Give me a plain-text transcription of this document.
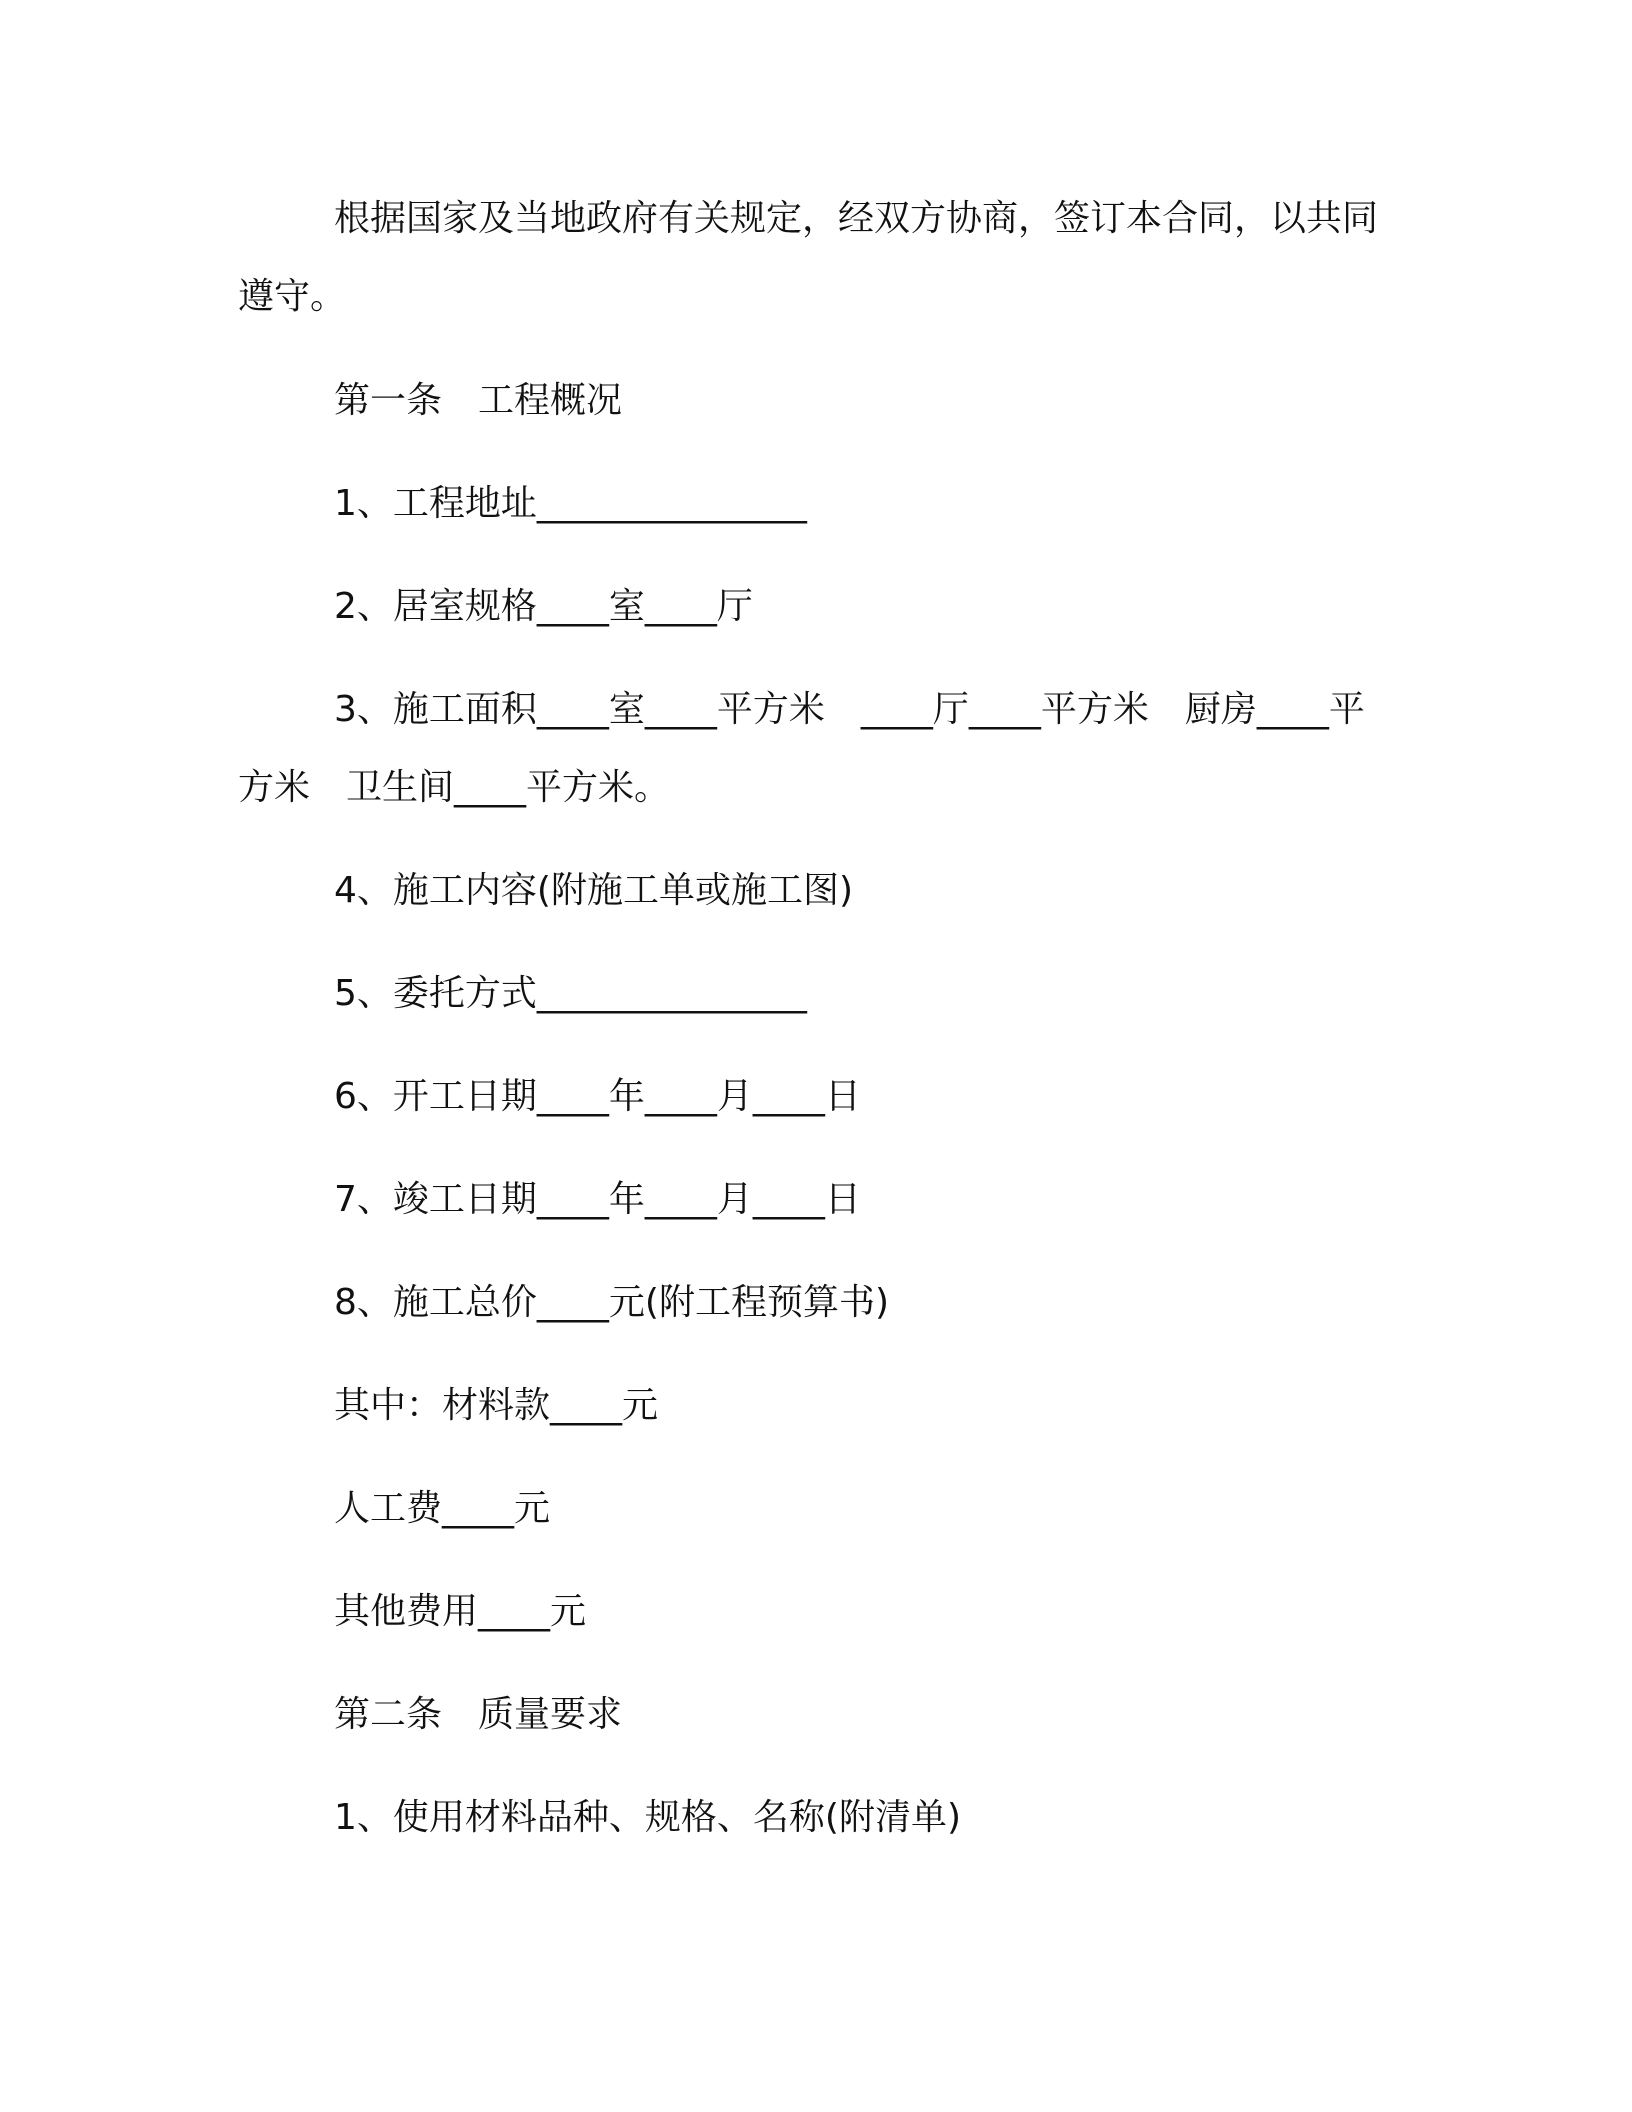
根据国家及当地政府有关规定，经双方协商，签订本合同，以共同遵守。
第一条　工程概况
1、工程地址_______________
2、居室规格____室____厅
3、施工面积____室____平方米　____厅____平方米　厨房____平方米　卫生间____平方米。
4、施工内容(附施工单或施工图)
5、委托方式_______________
6、开工日期____年____月____日
7、竣工日期____年____月____日
8、施工总价____元(附工程预算书)
其中：材料款____元
人工费____元
其他费用____元
第二条　质量要求
1、使用材料品种、规格、名称(附清单)
